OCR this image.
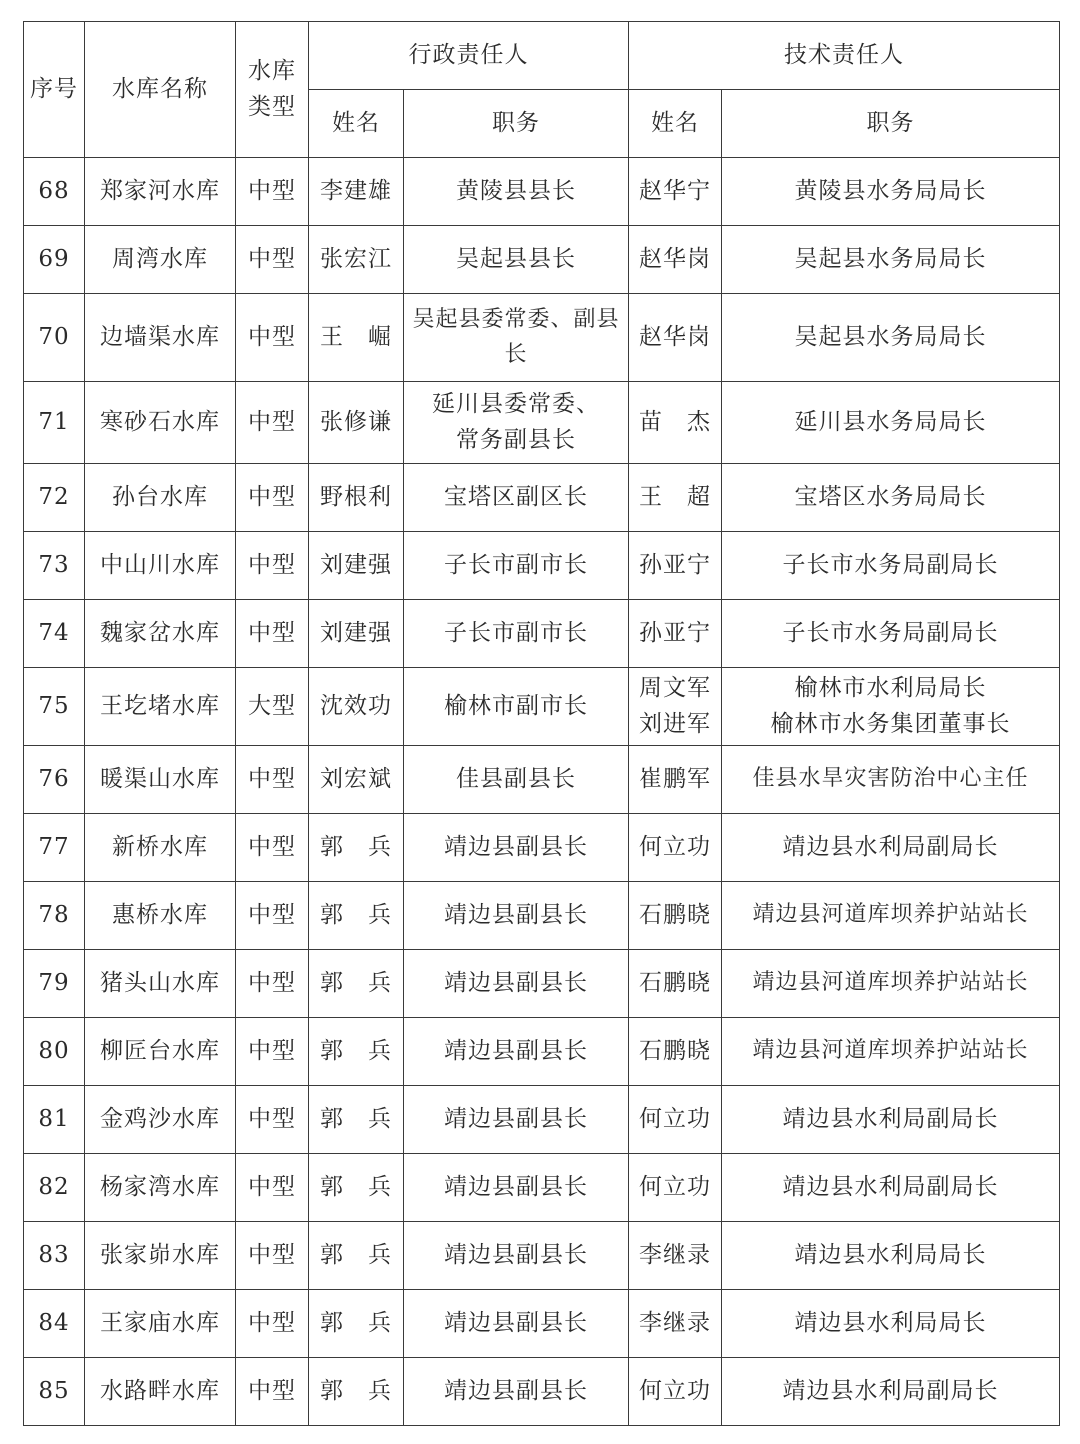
序号	水库名称	水库
类型	行政责任人		技术责任人	
			姓名	职务	姓名	职务
68	郑家河水库	中型	李建雄	黄陵县县长	赵华宁	黄陵县水务局局长

69	周湾水库	中型	张宏江	吴起县县长	赵华岗	吴起县水务局局长

70	边墙渠水库	中型	王　崛	吴起县委常委、副县长	赵华岗	吴起县水务局局长

71	寒砂石水库	中型	张修谦	延川县委常委、
常务副县长	苗　杰	延川县水务局局长

72	孙台水库	中型	野根利	宝塔区副区长	王　超	宝塔区水务局局长

73	中山川水库	中型	刘建强	子长市副市长	孙亚宁	子长市水务局副局长

74	魏家岔水库	中型	刘建强	子长市副市长	孙亚宁	子长市水务局副局长

75	王圪堵水库	大型	沈效功	榆林市副市长	周文军
刘进军	榆林市水利局局长
榆林市水务集团董事长

76	暖渠山水库	中型	刘宏斌	佳县副县长	崔鹏军	佳县水旱灾害防治中心主任

77	新桥水库	中型	郭　兵	靖边县副县长	何立功	靖边县水利局副局长

78	惠桥水库	中型	郭　兵	靖边县副县长	石鹏晓	靖边县河道库坝养护站站长

79	猪头山水库	中型	郭　兵	靖边县副县长	石鹏晓	靖边县河道库坝养护站站长

80	柳匠台水库	中型	郭　兵	靖边县副县长	石鹏晓	靖边县河道库坝养护站站长

81	金鸡沙水库	中型	郭　兵	靖边县副县长	何立功	靖边县水利局副局长

82	杨家湾水库	中型	郭　兵	靖边县副县长	何立功	靖边县水利局副局长

83	张家峁水库	中型	郭　兵	靖边县副县长	李继录	靖边县水利局局长

84	王家庙水库	中型	郭　兵	靖边县副县长	李继录	靖边县水利局局长

85	水路畔水库	中型	郭　兵	靖边县副县长	何立功	靖边县水利局副局长
